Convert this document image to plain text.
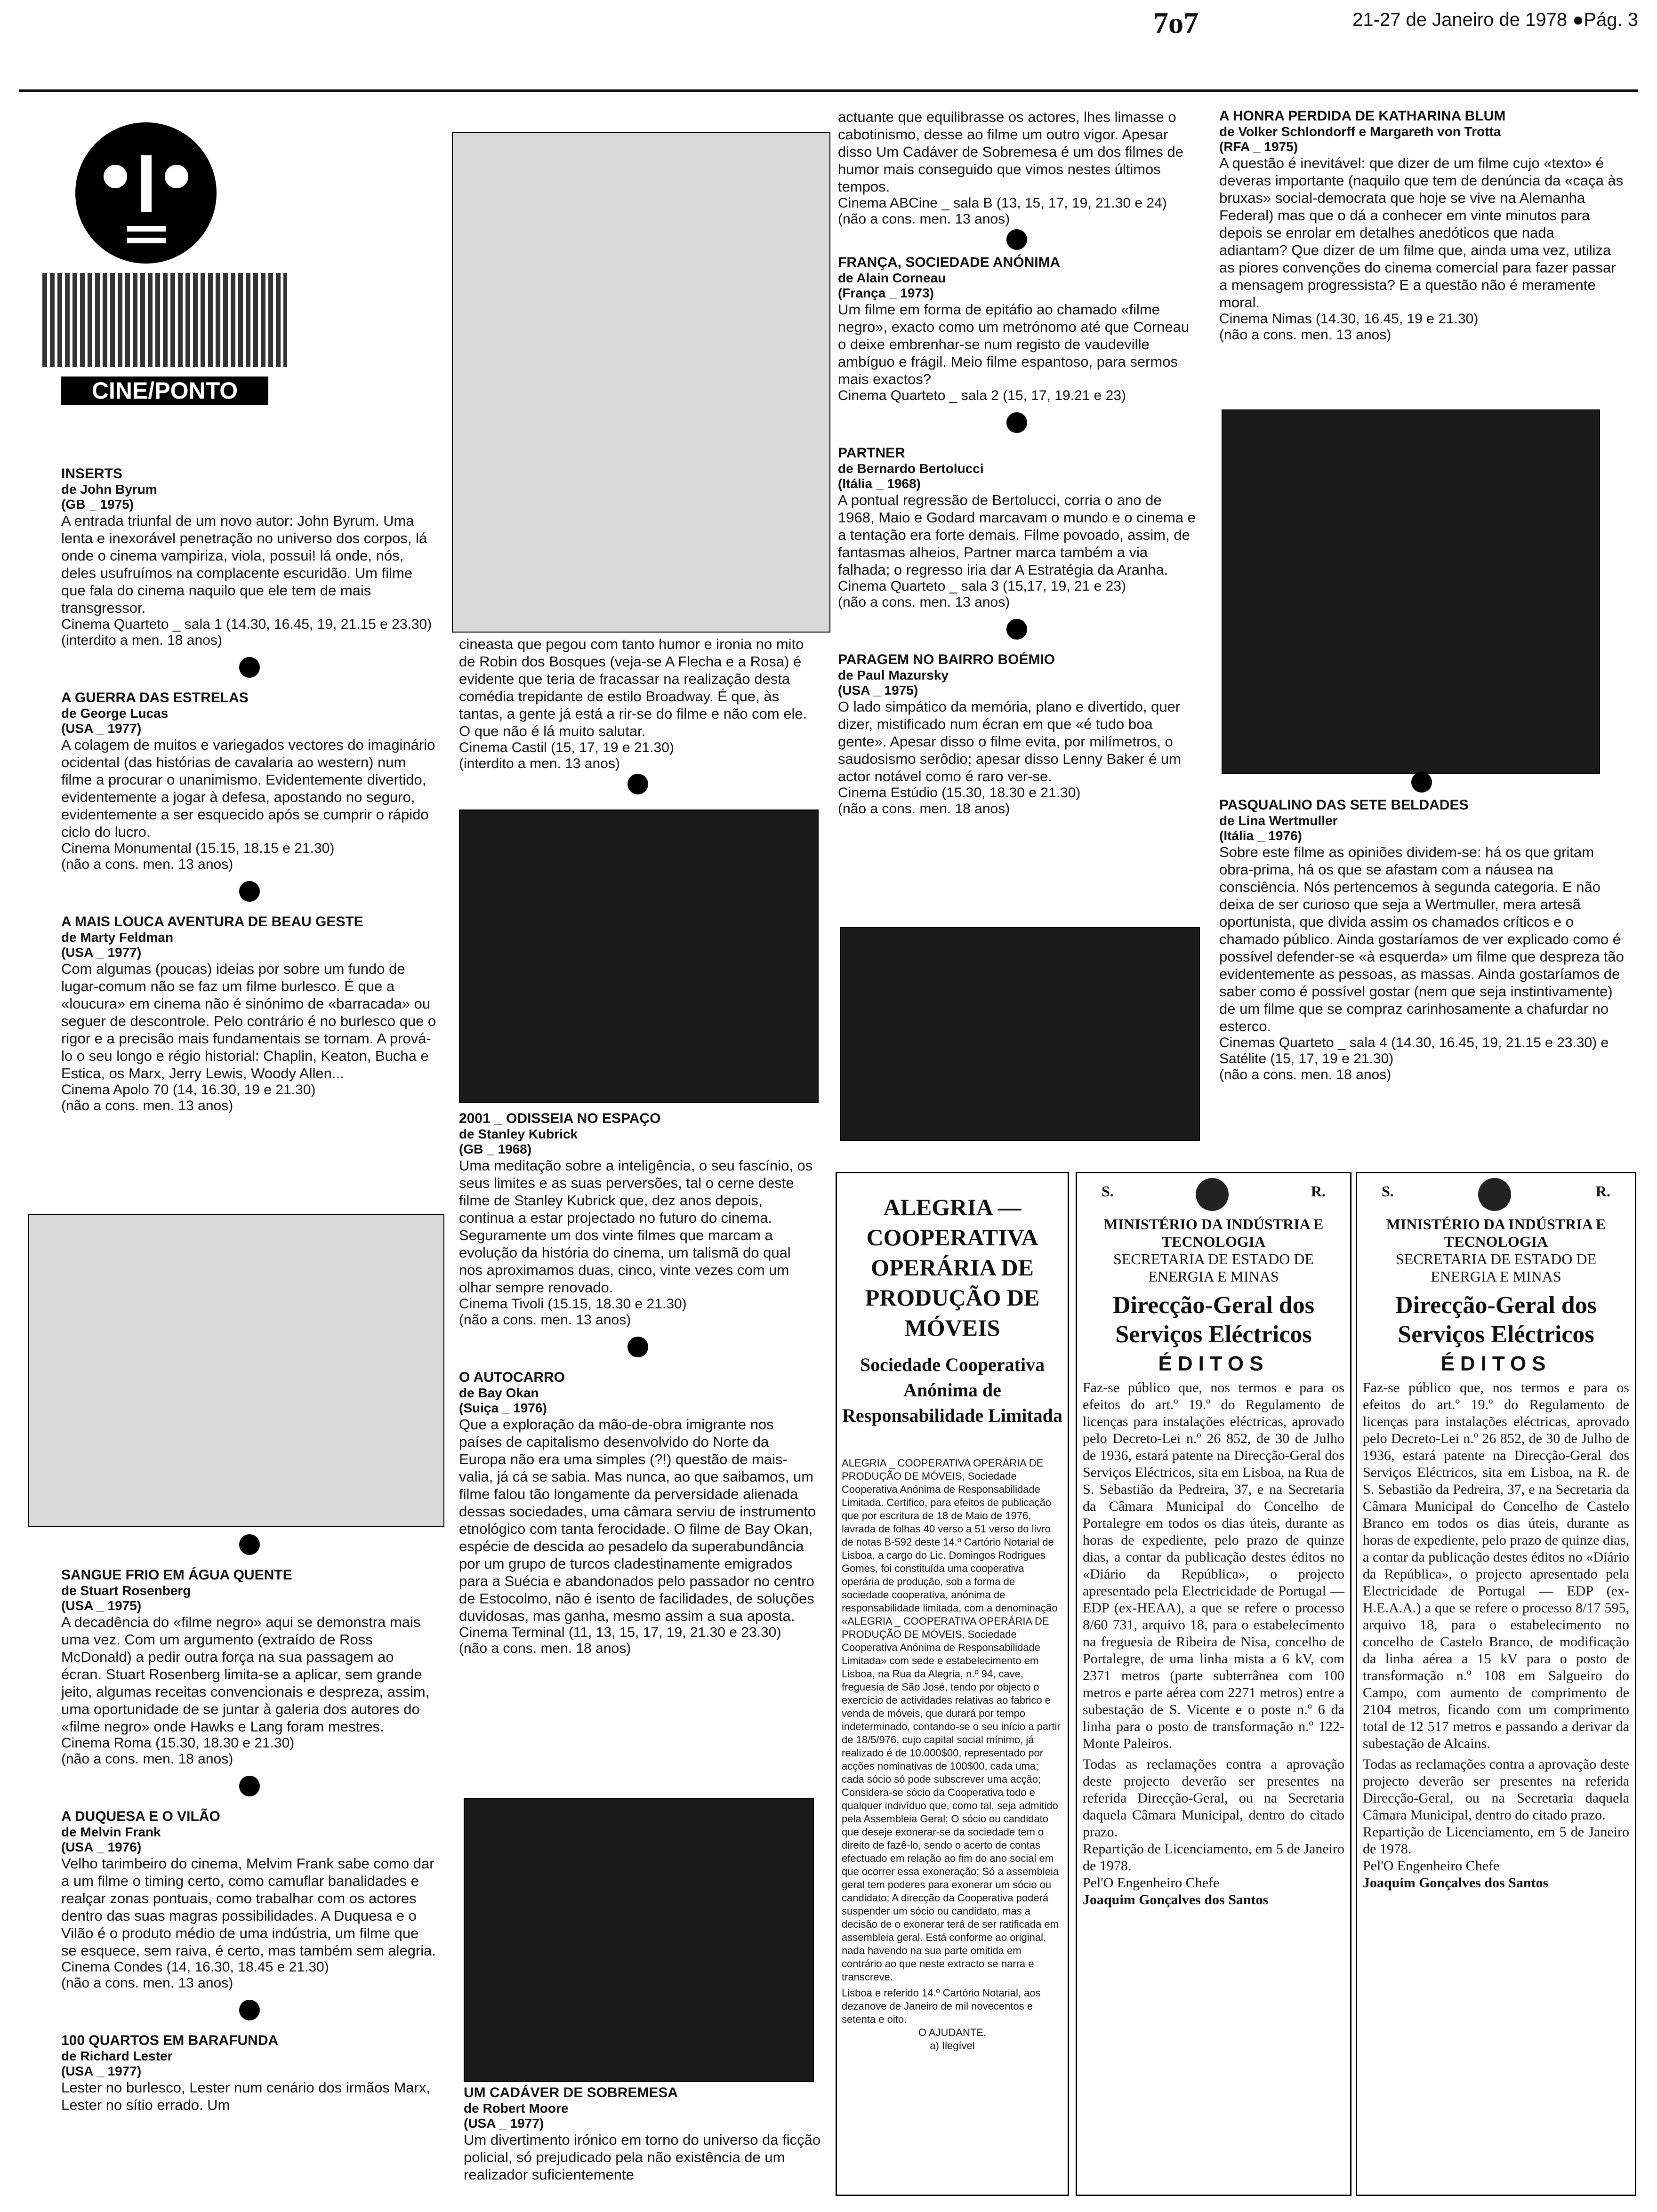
7o7	21-27 de Janeiro de 1978 ●Pág. 3
CINE/PONTO
INSERTS
de John Byrum
(GB _ 1975)

A entrada triunfal de um novo autor: John Byrum. Uma lenta e inexorável penetração no universo dos corpos, lá onde o cinema vampiriza, viola, possui! lá onde, nós, deles usufruímos na complacente escuridão. Um filme que fala do cinema naquilo que ele tem de mais transgressor.

Cinema Quarteto _ sala 1 (14.30, 16.45, 19, 21.15 e 23.30)

(interdito a men. 18 anos)

A GUERRA DAS ESTRELAS
de George Lucas
(USA _ 1977)

A colagem de muitos e variegados vectores do imaginário ocidental (das histórias de cavalaria ao western) num filme a procurar o unanimismo. Evidentemente divertido, evidentemente a jogar à defesa, apostando no seguro, evidentemente a ser esquecido após se cumprir o rápido ciclo do lucro.

Cinema Monumental (15.15, 18.15 e 21.30)

(não a cons. men. 13 anos)

A MAIS LOUCA AVENTURA DE BEAU GESTE
de Marty Feldman
(USA _ 1977)

Com algumas (poucas) ideias por sobre um fundo de lugar-comum não se faz um filme burlesco. É que a «loucura» em cinema não é sinónimo de «barracada» ou seguer de descontrole. Pelo contrário é no burlesco que o rigor e a precisão mais fundamentais se tornam. A prová-lo o seu longo e régio historial: Chaplin, Keaton, Bucha e Estica, os Marx, Jerry Lewis, Woody Allen...

Cinema Apolo 70 (14, 16.30, 19 e 21.30)

(não a cons. men. 13 anos)

SANGUE FRIO EM ÁGUA QUENTE
de Stuart Rosenberg
(USA _ 1975)

A decadência do «filme negro» aqui se demonstra mais uma vez. Com um argumento (extraído de Ross McDonald) a pedir outra força na sua passagem ao écran. Stuart Rosenberg limita-se a aplicar, sem grande jeito, algumas receitas convencionais e despreza, assim, uma oportunidade de se juntar à galeria dos autores do «filme negro» onde Hawks e Lang foram mestres.

Cinema Roma (15.30, 18.30 e 21.30)

(não a cons. men. 18 anos)

A DUQUESA E O VILÃO
de Melvin Frank
(USA _ 1976)

Velho tarimbeiro do cinema, Melvim Frank sabe como dar a um filme o timing certo, como camuflar banalidades e realçar zonas pontuais, como trabalhar com os actores dentro das suas magras possibilidades. A Duquesa e o Vilão é o produto médio de uma indústria, um filme que se esquece, sem raiva, é certo, mas também sem alegria.

Cinema Condes (14, 16.30, 18.45 e 21.30)

(não a cons. men. 13 anos)

100 QUARTOS EM BARAFUNDA
de Richard Lester
(USA _ 1977)

Lester no burlesco, Lester num cenário dos irmãos Marx, Lester no sítio errado. Um

cineasta que pegou com tanto humor e ironia no mito de Robin dos Bosques (veja-se A Flecha e a Rosa) é evidente que teria de fracassar na realização desta comédia trepidante de estilo Broadway. É que, às tantas, a gente já está a rir-se do filme e não com ele. O que não é lá muito salutar.

Cinema Castil (15, 17, 19 e 21.30)

(interdito a men. 13 anos)

2001 _ ODISSEIA NO ESPAÇO
de Stanley Kubrick
(GB _ 1968)

Uma meditação sobre a inteligência, o seu fascínio, os seus limites e as suas perversões, tal o cerne deste filme de Stanley Kubrick que, dez anos depois, continua a estar projectado no futuro do cinema. Seguramente um dos vinte filmes que marcam a evolução da história do cinema, um talismã do qual nos aproximamos duas, cinco, vinte vezes com um olhar sempre renovado.

Cinema Tivoli (15.15, 18.30 e 21.30)

(não a cons. men. 13 anos)

O AUTOCARRO
de Bay Okan
(Suiça _ 1976)

Que a exploração da mão-de-obra imigrante nos países de capitalismo desenvolvido do Norte da Europa não era uma simples (?!) questão de mais-valia, já cá se sabia. Mas nunca, ao que saibamos, um filme falou tão longamente da perversidade alienada dessas sociedades, uma câmara serviu de instrumento etnológico com tanta ferocidade. O filme de Bay Okan, espécie de descida ao pesadelo da superabundância por um grupo de turcos cladestinamente emigrados para a Suécia e abandonados pelo passador no centro de Estocolmo, não é isento de facilidades, de soluções duvidosas, mas ganha, mesmo assim a sua aposta.

Cinema Terminal (11, 13, 15, 17, 19, 21.30 e 23.30)

(não a cons. men. 18 anos)

UM CADÁVER DE SOBREMESA
de Robert Moore
(USA _ 1977)

Um divertimento irónico em torno do universo da ficção policial, só prejudicado pela não existência de um realizador suficientemente

actuante que equilibrasse os actores, lhes limasse o cabotinismo, desse ao filme um outro vigor. Apesar disso Um Cadáver de Sobremesa é um dos filmes de humor mais conseguido que vimos nestes últimos tempos.

Cinema ABCine _ sala B (13, 15, 17, 19, 21.30 e 24)

(não a cons. men. 13 anos)

FRANÇA, SOCIEDADE ANÓNIMA
de Alain Corneau
(França _ 1973)

Um filme em forma de epitáfio ao chamado «filme negro», exacto como um metrónomo até que Corneau o deixe embrenhar-se num registo de vaudeville ambíguo e frágil. Meio filme espantoso, para sermos mais exactos?

Cinema Quarteto _ sala 2 (15, 17, 19.21 e 23)

PARTNER
de Bernardo Bertolucci
(Itália _ 1968)

A pontual regressão de Bertolucci, corria o ano de 1968, Maio e Godard marcavam o mundo e o cinema e a tentação era forte demais. Filme povoado, assim, de fantasmas alheios, Partner marca também a via falhada; o regresso iria dar A Estratégia da Aranha.

Cinema Quarteto _ sala 3 (15,17, 19, 21 e 23)

(não a cons. men. 13 anos)

PARAGEM NO BAIRRO BOÉMIO
de Paul Mazursky
(USA _ 1975)

O lado simpático da memória, plano e divertido, quer dizer, mistificado num écran em que «é tudo boa gente». Apesar disso o filme evita, por milímetros, o saudosismo serôdio; apesar disso Lenny Baker é um actor notável como é raro ver-se.

Cinema Estúdio (15.30, 18.30 e 21.30)

(não a cons. men. 18 anos)

A HONRA PERDIDA DE KATHARINA BLUM
de Volker Schlondorff e Margareth von Trotta
(RFA _ 1975)

A questão é inevitável: que dizer de um filme cujo «texto» é deveras importante (naquilo que tem de denúncia da «caça às bruxas» social-democrata que hoje se vive na Alemanha Federal) mas que o dá a conhecer em vinte minutos para depois se enrolar em detalhes anedóticos que nada adiantam? Que dizer de um filme que, ainda uma vez, utiliza as piores convenções do cinema comercial para fazer passar a mensagem progressista? E a questão não é meramente moral.

Cinema Nimas (14.30, 16.45, 19 e 21.30)

(não a cons. men. 13 anos)

PASQUALINO DAS SETE BELDADES
de Lina Wertmuller
(Itália _ 1976)

Sobre este filme as opiniões dividem-se: há os que gritam obra-prima, há os que se afastam com a náusea na consciência. Nós pertencemos à segunda categoria. E não deixa de ser curioso que seja a Wertmuller, mera artesã oportunista, que divida assim os chamados críticos e o chamado público. Ainda gostaríamos de ver explicado como é possível defender-se «à esquerda» um filme que despreza tão evidentemente as pessoas, as massas. Ainda gostaríamos de saber como é possível gostar (nem que seja instintivamente) de um filme que se compraz carinhosamente a chafurdar no esterco.

Cinemas Quarteto _ sala 4 (14.30, 16.45, 19, 21.15 e 23.30) e Satélite (15, 17, 19 e 21.30)

(não a cons. men. 18 anos)

ALEGRIA — COOPERATIVA OPERÁRIA DE PRODUÇÃO DE MÓVEIS
Sociedade Cooperativa Anónima de Responsabilidade Limitada

ALEGRIA _ COOPERATIVA OPERÁRIA DE PRODUÇÃO DE MÓVEIS, Sociedade Cooperativa Anónima de Responsabilidade Limitada. Certifico, para efeitos de publicação que por escritura de 18 de Maio de 1976, lavrada de folhas 40 verso a 51 verso do livro de notas B-592 deste 14.º Cartório Notarial de Lisboa, a cargo do Lic. Domingos Rodrigues Gomes, foi constituída uma cooperativa operária de produção, sob a forma de sociedade cooperativa, anónima de responsabilidade limitada, com a denominação «ALEGRIA _ COOPERATIVA OPERÁRIA DE PRODUÇÃO DE MÓVEIS, Sociedade Cooperativa Anónima de Responsabilidade Limitada» com sede e estabelecimento em Lisboa, na Rua da Alegria, n.º 94, cave, freguesia de São José, tendo por objecto o exercício de actividades relativas ao fabrico e venda de móveis, que durará por tempo indeterminado, contando-se o seu início a partir de 18/5/976, cujo capital social mínimo, já realizado é de 10.000$00, representado por acções nominativas de 100$00, cada uma; cada sócio só pode subscrever uma acção; Considera-se sócio da Cooperativa todo e qualquer indivíduo que, como tal, seja admitido pela Assembleia Geral; O sócio ou candidato que deseje exonerar-se da sociedade tem o direito de fazê-lo, sendo o acerto de contas efectuado em relação ao fim do ano social em que ocorrer essa exoneração; Só a assembleia geral tem poderes para exonerar um sócio ou candidato; A direcção da Cooperativa poderá suspender um sócio ou candidato, mas a decisão de o exonerar terá de ser ratificada em assembleia geral. Está conforme ao original, nada havendo na sua parte omitida em contrário ao que neste extracto se narra e transcreve.

Lisboa e referido 14.º Cartório Notarial, aos dezanove de Janeiro de mil novecentos e setenta e oito.

O AJUDANTE,

a) Ilegível

S.	R.

MINISTÉRIO DA INDÚSTRIA E TECNOLOGIA

SECRETARIA DE ESTADO DE ENERGIA E MINAS

Direcção-Geral dos Serviços Eléctricos

ÉDITOS

Faz-se público que, nos termos e para os efeitos do art.º 19.º do Regulamento de licenças para instalações eléctricas, aprovado pelo Decreto-Lei n.º 26 852, de 30 de Julho de 1936, estará patente na Direcção-Geral dos Serviços Eléctricos, sita em Lisboa, na Rua de S. Sebastião da Pedreira, 37, e na Secretaria da Câmara Municipal do Concelho de Portalegre em todos os dias úteis, durante as horas de expediente, pelo prazo de quinze dias, a contar da publicação destes éditos no «Diário da República», o projecto apresentado pela Electricidade de Portugal — EDP (ex-HEAA), a que se refere o processo 8/60 731, arquivo 18, para o estabelecimento na freguesia de Ribeira de Nisa, concelho de Portalegre, de uma linha mista a 6 kV, com 2371 metros (parte subterrânea com 100 metros e parte aérea com 2271 metros) entre a subestação de S. Vicente e o poste n.º 6 da linha para o posto de transformação n.º 122-Monte Paleiros.

Todas as reclamações contra a aprovação deste projecto deverão ser presentes na referida Direcção-Geral, ou na Secretaria daquela Câmara Municipal, dentro do citado prazo.

Repartição de Licenciamento, em 5 de Janeiro de 1978.

Pel'O Engenheiro Chefe

Joaquim Gonçalves dos Santos

S.	R.

MINISTÉRIO DA INDÚSTRIA E TECNOLOGIA

SECRETARIA DE ESTADO DE ENERGIA E MINAS

Direcção-Geral dos Serviços Eléctricos

ÉDITOS

Faz-se público que, nos termos e para os efeitos do art.º 19.º do Regulamento de licenças para instalações eléctricas, aprovado pelo Decreto-Lei n.º 26 852, de 30 de Julho de 1936, estará patente na Direcção-Geral dos Serviços Eléctricos, sita em Lisboa, na R. de S. Sebastião da Pedreira, 37, e na Secretaria da Câmara Municipal do Concelho de Castelo Branco em todos os dias úteis, durante as horas de expediente, pelo prazo de quinze dias, a contar da publicação destes éditos no «Diário da República», o projecto apresentado pela Electricidade de Portugal — EDP (ex-H.E.A.A.) a que se refere o processo 8/17 595, arquivo 18, para o estabelecimento no concelho de Castelo Branco, de modificação da linha aérea a 15 kV para o posto de transformação n.º 108 em Salgueiro do Campo, com aumento de comprimento de 2104 metros, ficando com um comprimento total de 12 517 metros e passando a derivar da subestação de Alcains.

Todas as reclamações contra a aprovação deste projecto deverão ser presentes na referida Direcção-Geral, ou na Secretaria daquela Câmara Municipal, dentro do citado prazo.

Repartição de Licenciamento, em 5 de Janeiro de 1978.

Pel'O Engenheiro Chefe

Joaquim Gonçalves dos Santos
